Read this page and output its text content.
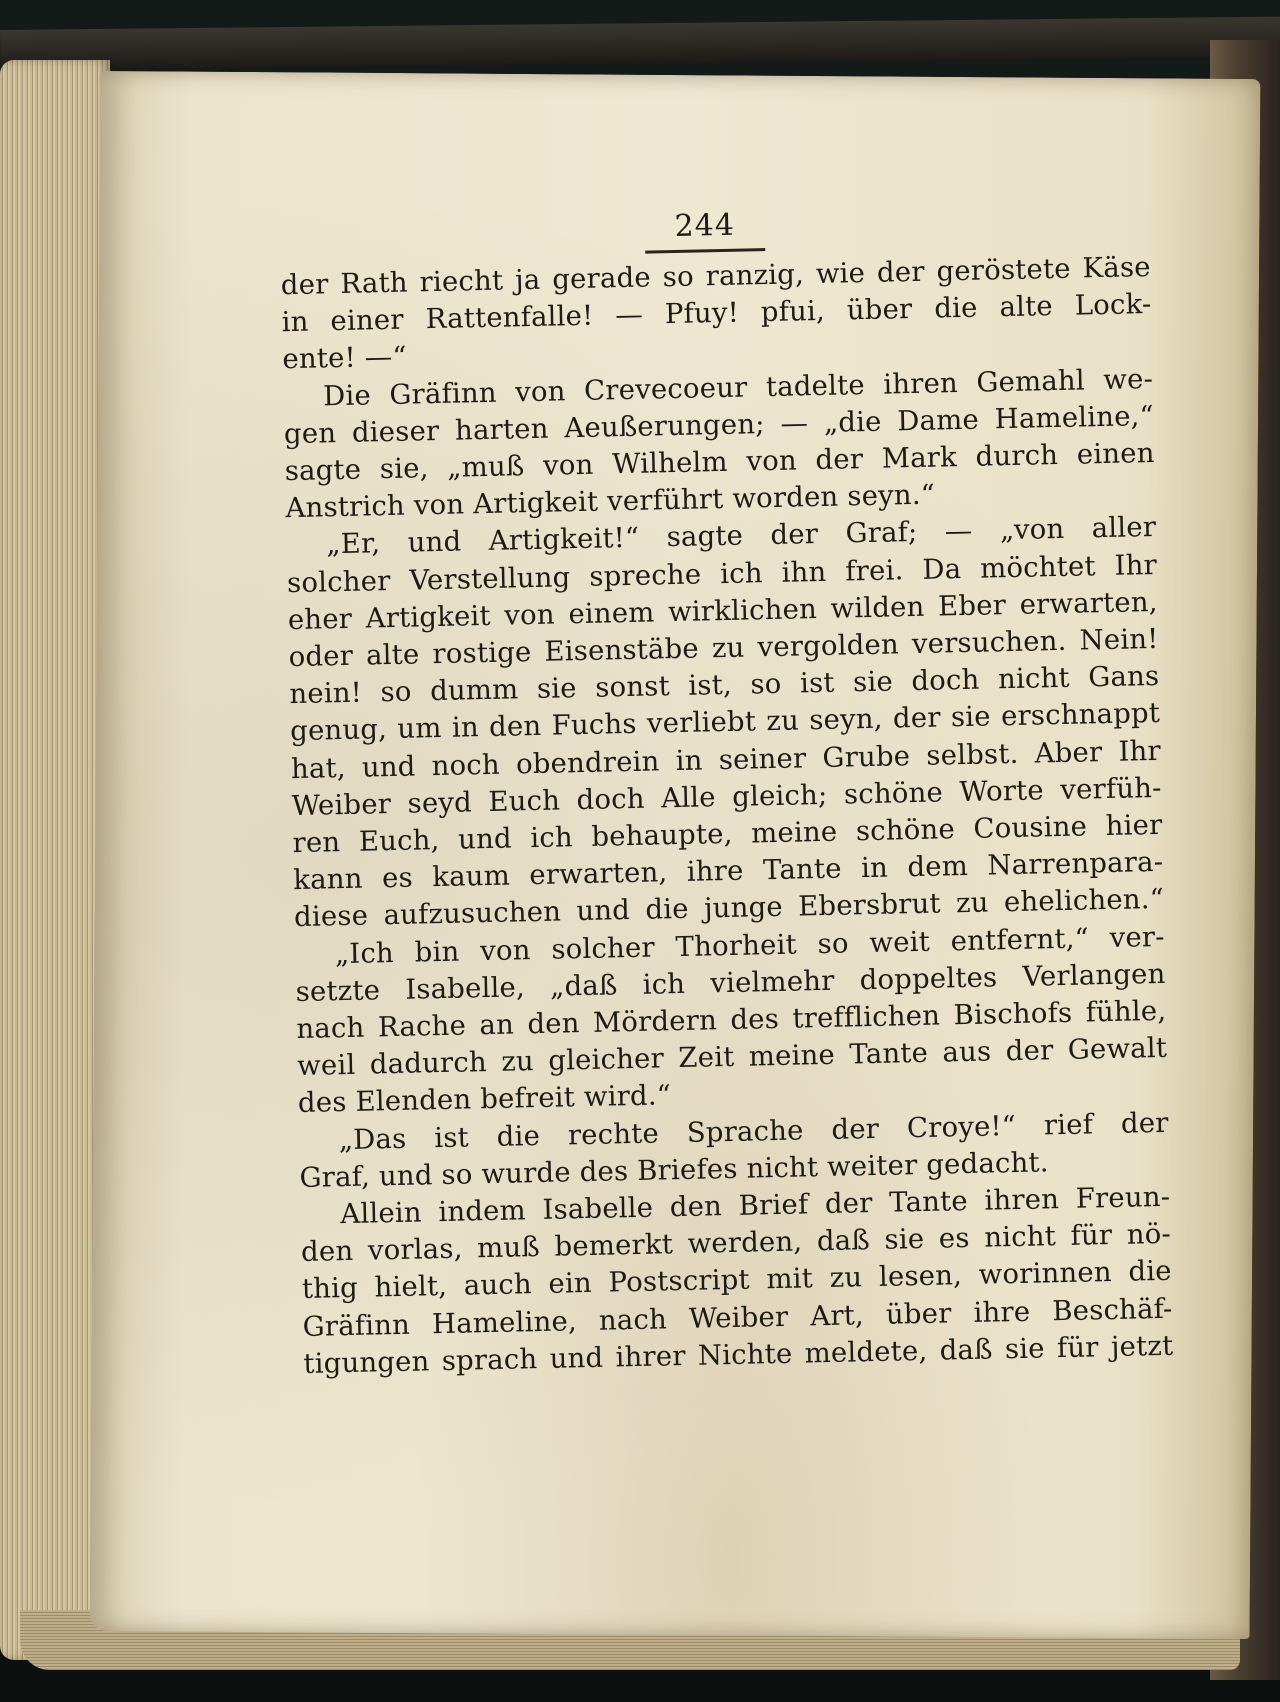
244
der Rath riecht ja gerade so ranzig, wie der geröstete Käse
in einer Rattenfalle! — Pfuy! pfui, über die alte Lock-
ente! —“
Die Gräfinn von Crevecoeur tadelte ihren Gemahl we-
gen dieser harten Aeußerungen; — „die Dame Hameline,“
sagte sie, „muß von Wilhelm von der Mark durch einen
Anstrich von Artigkeit verführt worden seyn.“
„Er, und Artigkeit!“ sagte der Graf; — „von aller
solcher Verstellung spreche ich ihn frei. Da möchtet Ihr
eher Artigkeit von einem wirklichen wilden Eber erwarten,
oder alte rostige Eisenstäbe zu vergolden versuchen. Nein!
nein! so dumm sie sonst ist, so ist sie doch nicht Gans
genug, um in den Fuchs verliebt zu seyn, der sie erschnappt
hat, und noch obendrein in seiner Grube selbst. Aber Ihr
Weiber seyd Euch doch Alle gleich; schöne Worte verfüh-
ren Euch, und ich behaupte, meine schöne Cousine hier
kann es kaum erwarten, ihre Tante in dem Narrenpara-
diese aufzusuchen und die junge Ebersbrut zu ehelichen.“
„Ich bin von solcher Thorheit so weit entfernt,“ ver-
setzte Isabelle, „daß ich vielmehr doppeltes Verlangen
nach Rache an den Mördern des trefflichen Bischofs fühle,
weil dadurch zu gleicher Zeit meine Tante aus der Gewalt
des Elenden befreit wird.“
„Das ist die rechte Sprache der Croye!“ rief der
Graf, und so wurde des Briefes nicht weiter gedacht.
Allein indem Isabelle den Brief der Tante ihren Freun-
den vorlas, muß bemerkt werden, daß sie es nicht für nö-
thig hielt, auch ein Postscript mit zu lesen, worinnen die
Gräfinn Hameline, nach Weiber Art, über ihre Beschäf-
tigungen sprach und ihrer Nichte meldete, daß sie für jetzt
